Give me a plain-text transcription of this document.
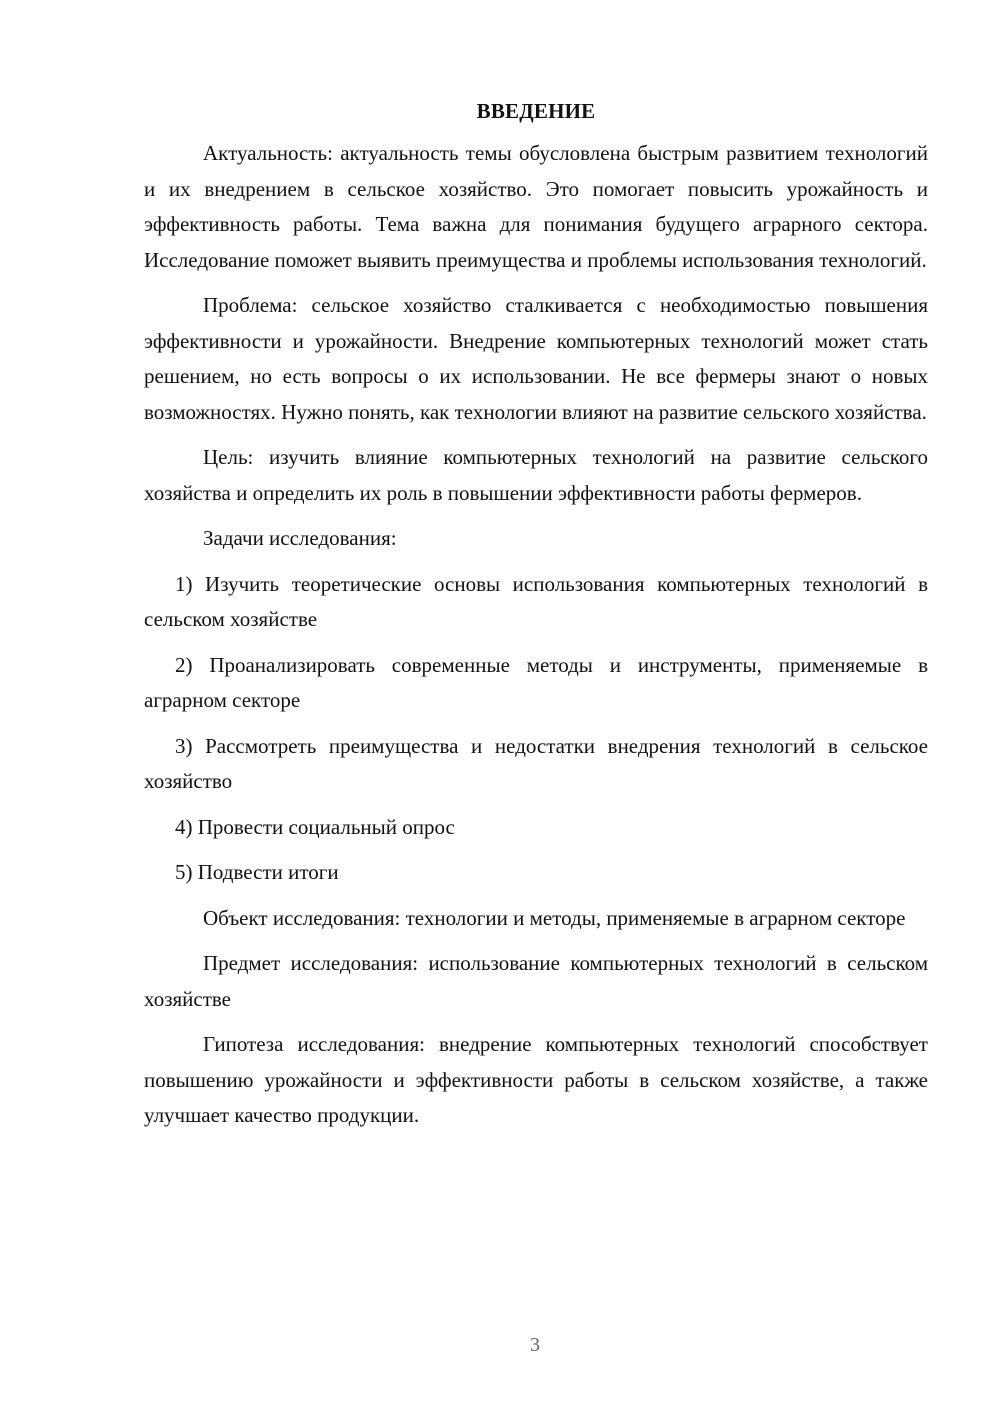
ВВЕДЕНИЕ

Актуальность: актуальность темы обусловлена быстрым развитием технологий и их внедрением в сельское хозяйство. Это помогает повысить урожайность и эффективность работы. Тема важна для понимания будущего аграрного сектора. Исследование поможет выявить преимущества и проблемы использования технологий.

Проблема: сельское хозяйство сталкивается с необходимостью повышения эффективности и урожайности. Внедрение компьютерных технологий может стать решением, но есть вопросы о их использовании. Не все фермеры знают о новых возможностях. Нужно понять, как технологии влияют на развитие сельского хозяйства.

Цель: изучить влияние компьютерных технологий на развитие сельского хозяйства и определить их роль в повышении эффективности работы фермеров.

Задачи исследования:

1) Изучить теоретические основы использования компьютерных технологий в сельском хозяйстве

2) Проанализировать современные методы и инструменты, применяемые в аграрном секторе

3) Рассмотреть преимущества и недостатки внедрения технологий в сельское хозяйство

4) Провести социальный опрос

5) Подвести итоги

Объект исследования: технологии и методы, применяемые в аграрном секторе

Предмет исследования: использование компьютерных технологий в сельском хозяйстве

Гипотеза исследования: внедрение компьютерных технологий способствует повышению урожайности и эффективности работы в сельском хозяйстве, а также улучшает качество продукции.

3
